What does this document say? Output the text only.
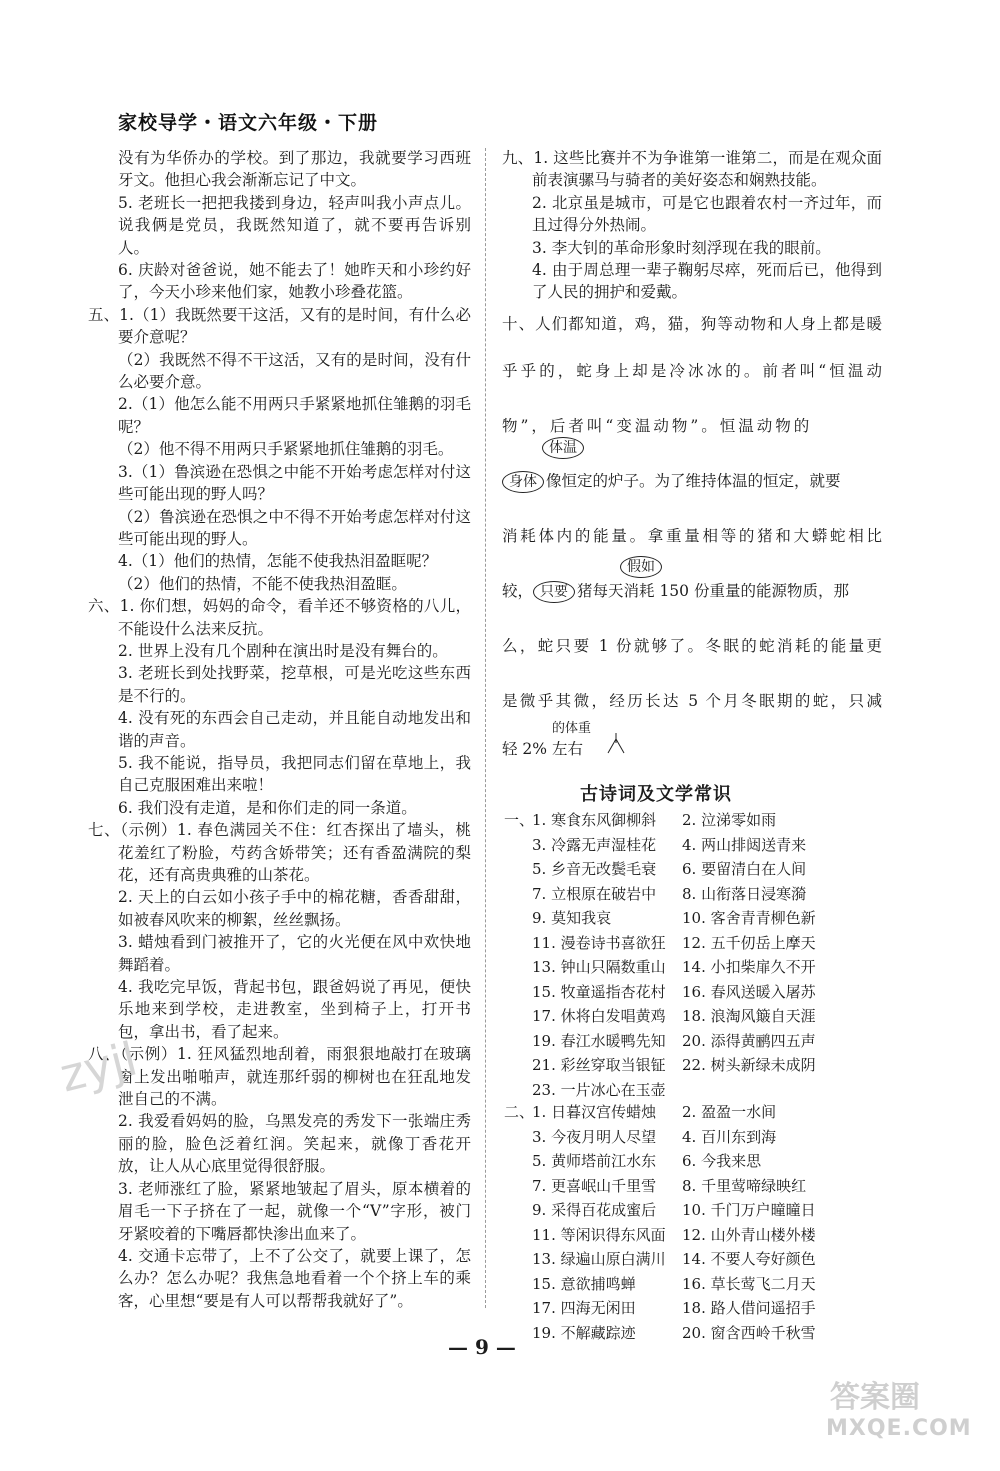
家校导学・语文六年级・下册
没有为华侨办的学校。到了那边，我就要学习西班牙文。他担心我会渐渐忘记了中文。
5. 老班长一把把我搂到身边，轻声叫我小声点儿。说我俩是党员，我既然知道了，就不要再告诉别人。
6. 庆龄对爸爸说，她不能去了！她昨天和小珍约好了，今天小珍来他们家，她教小珍叠花篮。
五、1.（1）我既然要干这活，又有的是时间，有什么必要介意呢？
（2）我既然不得不干这活，又有的是时间，没有什么必要介意。
2.（1）他怎么能不用两只手紧紧地抓住雏鹅的羽毛呢？
（2）他不得不用两只手紧紧地抓住雏鹅的羽毛。
3.（1）鲁滨逊在恐惧之中能不开始考虑怎样对付这些可能出现的野人吗？
（2）鲁滨逊在恐惧之中不得不开始考虑怎样对付这些可能出现的野人。
4.（1）他们的热情，怎能不使我热泪盈眶呢？
（2）他们的热情，不能不使我热泪盈眶。
六、1. 你们想，妈妈的命令，看羊还不够资格的八儿，不能设什么法来反抗。
2. 世界上没有几个剧种在演出时是没有舞台的。
3. 老班长到处找野菜，挖草根，可是光吃这些东西是不行的。
4. 没有死的东西会自己走动，并且能自动地发出和谐的声音。
5. 我不能说，指导员，我把同志们留在草地上，我自己克服困难出来啦！
6. 我们没有走道，是和你们走的同一条道。
七、（示例）1. 春色满园关不住：红杏探出了墙头，桃花羞红了粉脸，芍药含娇带笑；还有香盈满院的梨花，还有高贵典雅的山茶花。
2. 天上的白云如小孩子手中的棉花糖，香香甜甜，如被春风吹来的柳絮，丝丝飘扬。
3. 蜡烛看到门被推开了，它的火光便在风中欢快地舞蹈着。
4. 我吃完早饭，背起书包，跟爸妈说了再见，便快乐地来到学校，走进教室，坐到椅子上，打开书包，拿出书，看了起来。
八、（示例）1. 狂风猛烈地刮着，雨狠狠地敲打在玻璃窗上发出啪啪声，就连那纤弱的柳树也在狂乱地发泄自己的不满。
2. 我爱看妈妈的脸，乌黑发亮的秀发下一张端庄秀丽的脸，脸色泛着红润。笑起来，就像丁香花开放，让人从心底里觉得很舒服。
3. 老师涨红了脸，紧紧地皱起了眉头，原本横着的眉毛一下子挤在了一起，就像一个“V”字形，被门牙紧咬着的下嘴唇都快渗出血来了。
4. 交通卡忘带了，上不了公交了，就要上课了，怎么办？怎么办呢？我焦急地看着一个个挤上车的乘客，心里想“要是有人可以帮帮我就好了”。
九、1. 这些比赛并不为争谁第一谁第二，而是在观众面前表演骡马与骑者的美好姿态和娴熟技能。
2. 北京虽是城市，可是它也跟着农村一齐过年，而且过得分外热闹。
3. 李大钊的革命形象时刻浮现在我的眼前。
4. 由于周总理一辈子鞠躬尽瘁，死而后已，他得到了人民的拥护和爱戴。
十、人们都知道，鸡，猫，狗等动物和人身上都是暖
乎乎的，蛇身上却是冷冰冰的。前者叫“恒温动
物”，后者叫“变温动物”。恒温动物的
体温
身体 像恒定的炉子。为了维持体温的恒定，就要
消耗体内的能量。拿重量相等的猪和大蟒蛇相比
假如
较， 只要 猪每天消耗 150 份重量的能源物质，那
么，蛇只要 1 份就够了。冬眠的蛇消耗的能量更
是微乎其微，经历长达 5 个月冬眠期的蛇，只减
轻 2% 左右
的体重
古诗词及文学常识
一、
1. 寒食东风御柳斜	2. 泣涕零如雨
3. 冷露无声湿桂花	4. 两山排闼送青来
5. 乡音无改鬓毛衰	6. 要留清白在人间
7. 立根原在破岩中	8. 山衔落日浸寒漪
9. 莫知我哀	10. 客舍青青柳色新
11. 漫卷诗书喜欲狂	12. 五千仞岳上摩天
13. 钟山只隔数重山	14. 小扣柴扉久不开
15. 牧童遥指杏花村	16. 春风送暖入屠苏
17. 休将白发唱黄鸡	18. 浪淘风簸自天涯
19. 春江水暖鸭先知	20. 添得黄鹂四五声
21. 彩丝穿取当银钲	22. 树头新绿未成阴
23. 一片冰心在玉壶
二、
1. 日暮汉宫传蜡烛	2. 盈盈一水间
3. 今夜月明人尽望	4. 百川东到海
5. 黄师塔前江水东	6. 今我来思
7. 更喜岷山千里雪	8. 千里莺啼绿映红
9. 采得百花成蜜后	10. 千门万户曈曈日
11. 等闲识得东风面	12. 山外青山楼外楼
13. 绿遍山原白满川	14. 不要人夸好颜色
15. 意欲捕鸣蝉	16. 草长莺飞二月天
17. 四海无闲田	18. 路人借问遥招手
19. 不解藏踪迹	20. 窗含西岭千秋雪
— 9 —
zyjl
答案圈
MXQE.COM
